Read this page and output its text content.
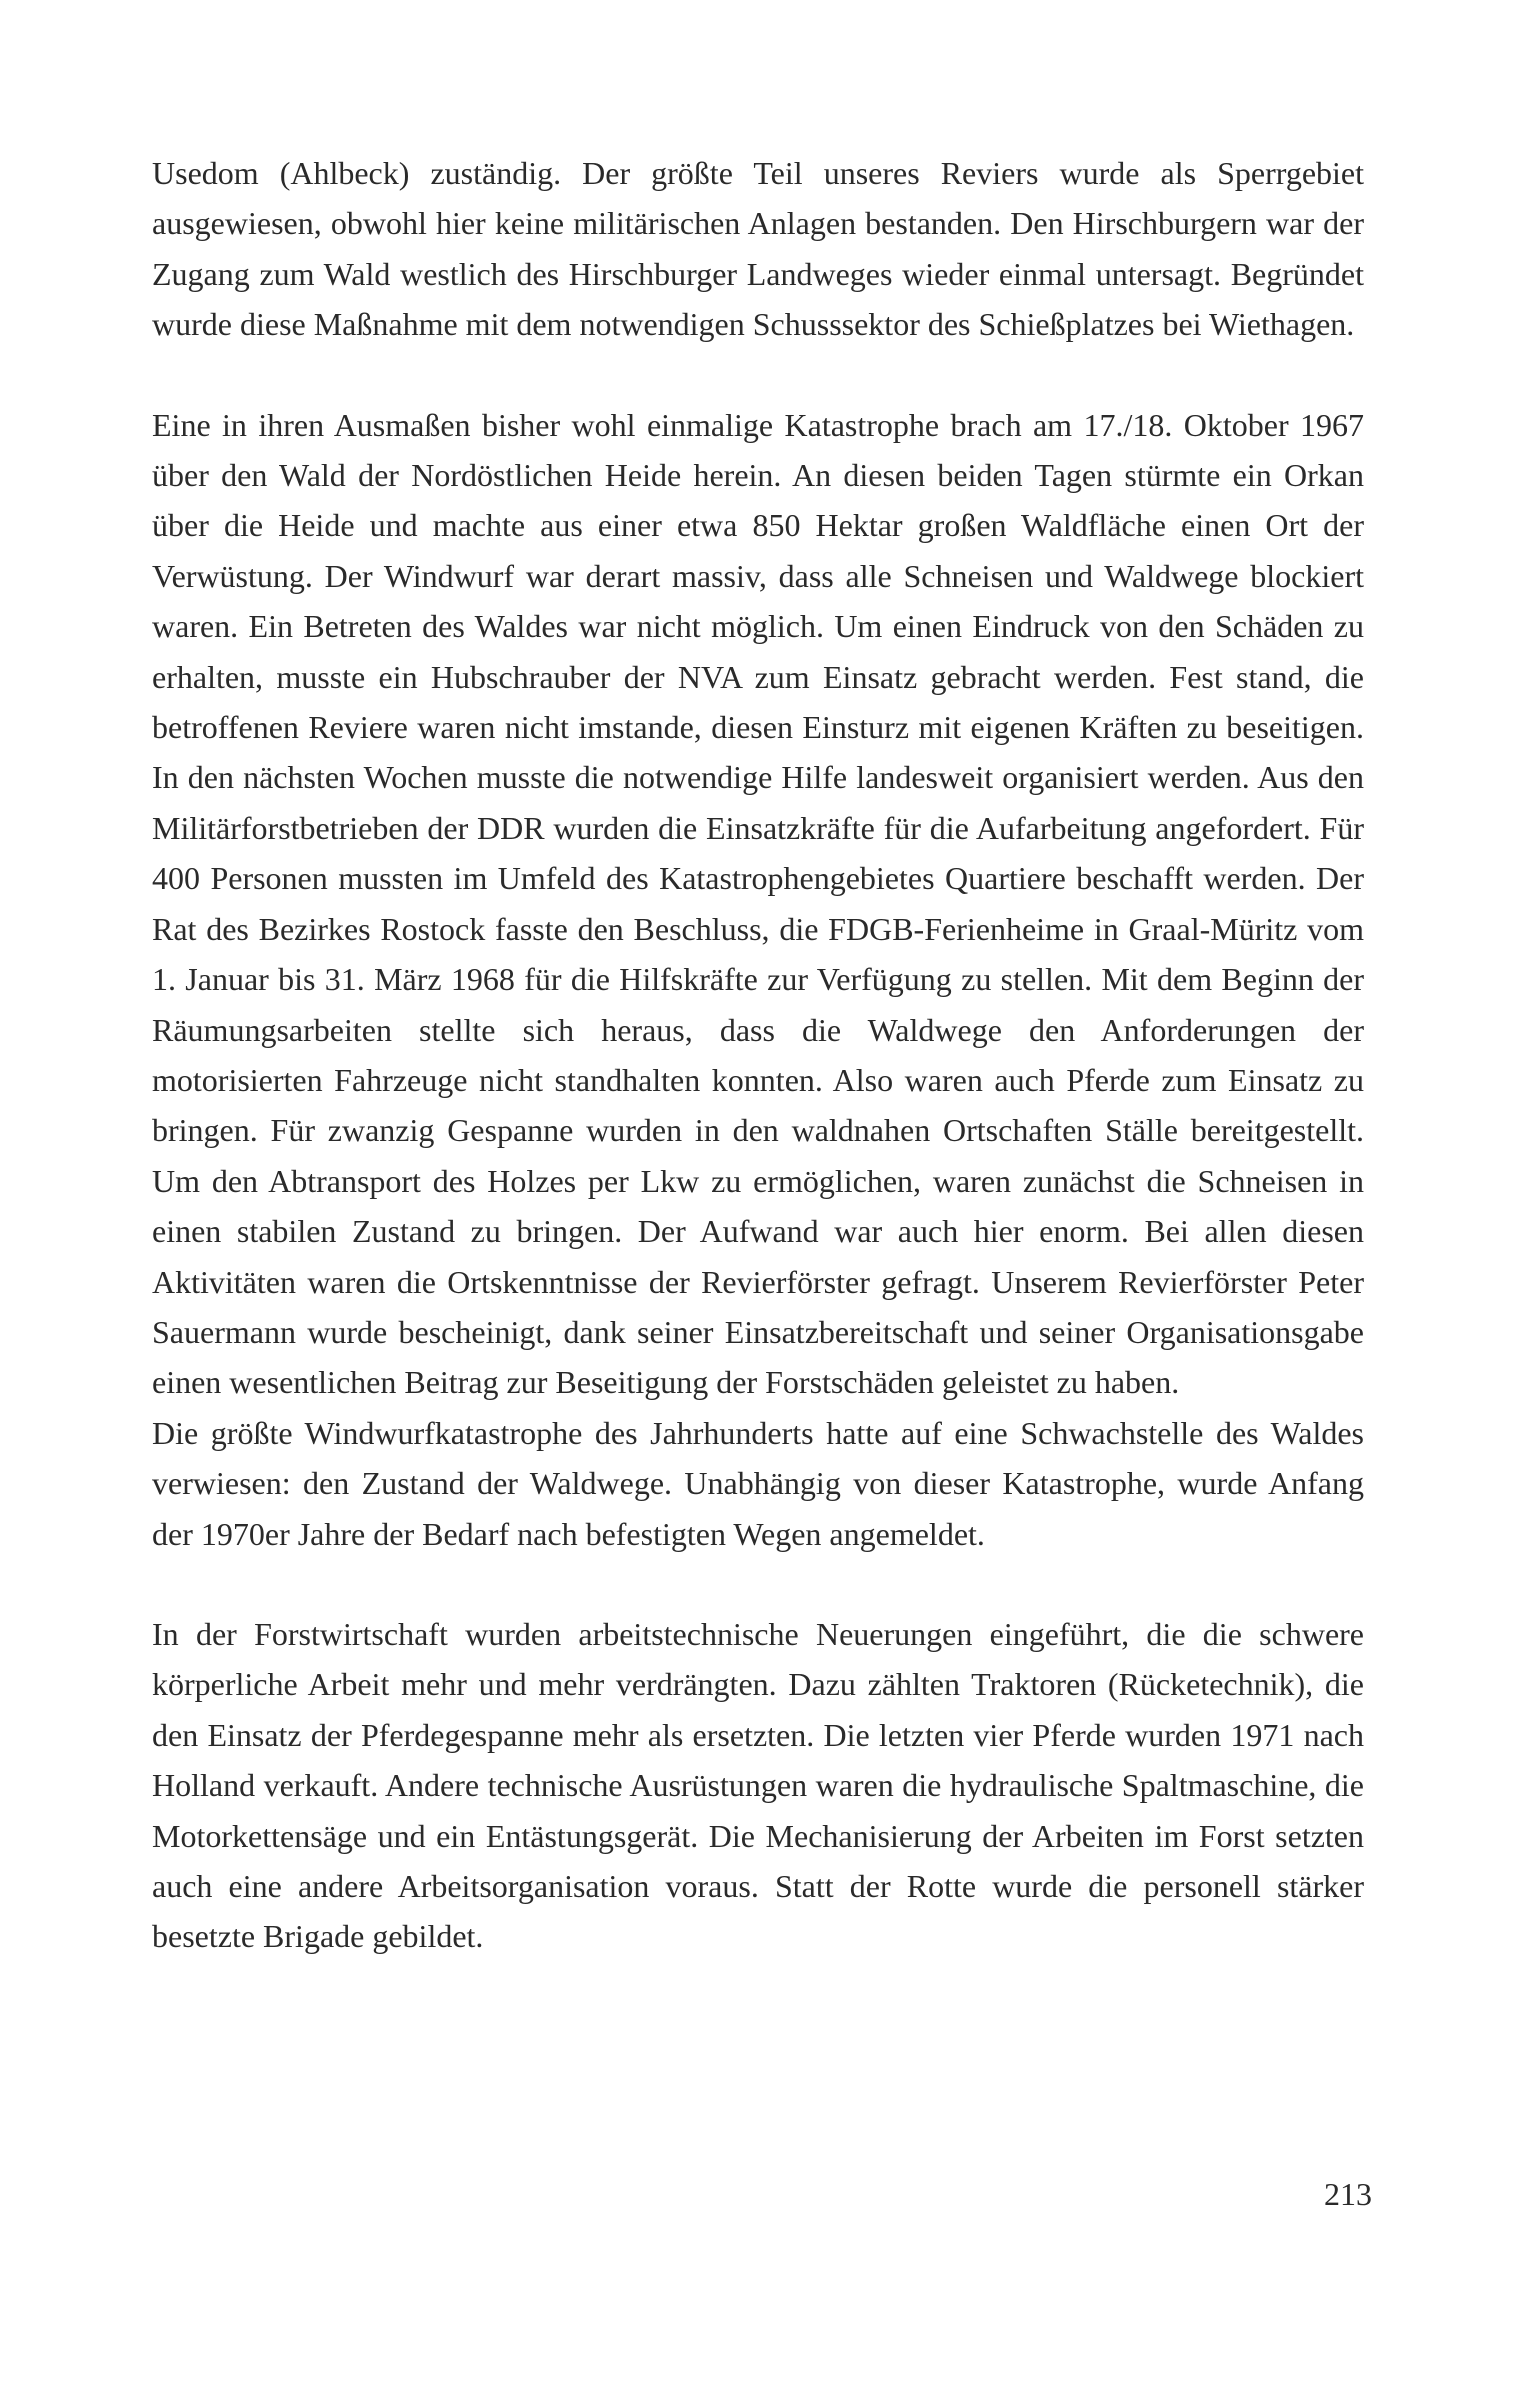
Usedom (Ahlbeck) zuständig. Der größte Teil unseres Reviers wurde als Sperrgebiet ausgewiesen, obwohl hier keine militärischen Anlagen bestanden. Den Hirschburgern war der Zugang zum Wald westlich des Hirschburger Landweges wieder einmal untersagt. Begründet wurde diese Maßnahme mit dem notwendigen Schusssektor des Schießplatzes bei Wiethagen.

Eine in ihren Ausmaßen bisher wohl einmalige Katastrophe brach am 17./18. Oktober 1967 über den Wald der Nordöstlichen Heide herein. An diesen beiden Tagen stürmte ein Orkan über die Heide und machte aus einer etwa 850 Hektar großen Waldfläche einen Ort der Verwüstung. Der Windwurf war derart massiv, dass alle Schneisen und Waldwege blockiert waren. Ein Betreten des Waldes war nicht möglich. Um einen Eindruck von den Schäden zu erhalten, musste ein Hubschrauber der NVA zum Einsatz gebracht werden. Fest stand, die betroffenen Reviere waren nicht imstande, diesen Einsturz mit eigenen Kräften zu beseitigen. In den nächsten Wochen musste die notwendige Hilfe landesweit organisiert werden. Aus den Militärforstbetrieben der DDR wurden die Einsatzkräfte für die Aufarbeitung angefordert. Für 400 Personen mussten im Umfeld des Katastrophengebietes Quartiere beschafft werden. Der Rat des Bezirkes Rostock fasste den Beschluss, die FDGB-Ferienheime in Graal-Müritz vom 1. Januar bis 31. März 1968 für die Hilfskräfte zur Verfügung zu stellen. Mit dem Beginn der Räumungsarbeiten stellte sich heraus, dass die Waldwege den Anforderungen der motorisierten Fahrzeuge nicht standhalten konnten. Also waren auch Pferde zum Einsatz zu bringen. Für zwanzig Gespanne wurden in den waldnahen Ortschaften Ställe bereitgestellt. Um den Abtransport des Holzes per Lkw zu ermöglichen, waren zunächst die Schneisen in einen stabilen Zustand zu bringen. Der Aufwand war auch hier enorm. Bei allen diesen Aktivitäten waren die Ortskenntnisse der Revierförster gefragt. Unserem Revierförster Peter Sauermann wurde bescheinigt, dank seiner Einsatzbereitschaft und seiner Organisationsgabe einen wesentlichen Beitrag zur Beseitigung der Forstschäden geleistet zu haben.

Die größte Windwurfkatastrophe des Jahrhunderts hatte auf eine Schwachstelle des Waldes verwiesen: den Zustand der Waldwege. Unabhängig von dieser Katastrophe, wurde Anfang der 1970er Jahre der Bedarf nach befestigten Wegen angemeldet.

In der Forstwirtschaft wurden arbeitstechnische Neuerungen eingeführt, die die schwere körperliche Arbeit mehr und mehr verdrängten. Dazu zählten Traktoren (Rücketechnik), die den Einsatz der Pferdegespanne mehr als ersetzten. Die letzten vier Pferde wurden 1971 nach Holland verkauft. Andere technische Ausrüstungen waren die hydraulische Spaltmaschine, die Motorkettensäge und ein Entästungsgerät. Die Mechanisierung der Arbeiten im Forst setzten auch eine andere Arbeitsorganisation voraus. Statt der Rotte wurde die personell stärker besetzte Brigade gebildet.

213
